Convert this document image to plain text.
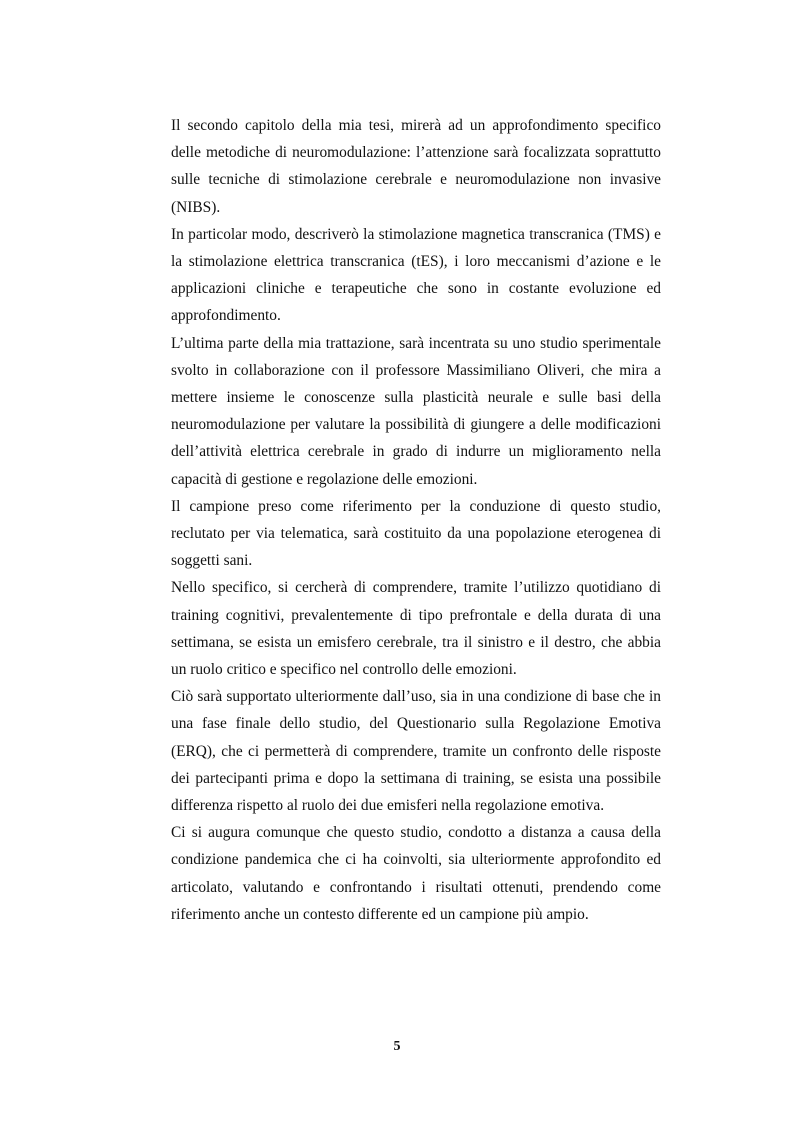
Il secondo capitolo della mia tesi, mirerà ad un approfondimento specifico delle metodiche di neuromodulazione: l’attenzione sarà focalizzata soprattutto sulle tecniche di stimolazione cerebrale e neuromodulazione non invasive (NIBS).

In particolar modo, descriverò la stimolazione magnetica transcranica (TMS) e la stimolazione elettrica transcranica (tES), i loro meccanismi d’azione e le applicazioni cliniche e terapeutiche che sono in costante evoluzione ed approfondimento.

L’ultima parte della mia trattazione, sarà incentrata su uno studio sperimentale svolto in collaborazione con il professore Massimiliano Oliveri, che mira a mettere insieme le conoscenze sulla plasticità neurale e sulle basi della neuromodulazione per valutare la possibilità di giungere a delle modificazioni dell’attività elettrica cerebrale in grado di indurre un miglioramento nella capacità di gestione e regolazione delle emozioni.

Il campione preso come riferimento per la conduzione di questo studio, reclutato per via telematica, sarà costituito da una popolazione eterogenea di soggetti sani.

Nello specifico, si cercherà di comprendere, tramite l’utilizzo quotidiano di training cognitivi, prevalentemente di tipo prefrontale e della durata di una settimana, se esista un emisfero cerebrale, tra il sinistro e il destro, che abbia un ruolo critico e specifico nel controllo delle emozioni.

Ciò sarà supportato ulteriormente dall’uso, sia in una condizione di base che in una fase finale dello studio, del Questionario sulla Regolazione Emotiva (ERQ), che ci permetterà di comprendere, tramite un confronto delle risposte dei partecipanti prima e dopo la settimana di training, se esista una possibile differenza rispetto al ruolo dei due emisferi nella regolazione emotiva.

Ci si augura comunque che questo studio, condotto a distanza a causa della condizione pandemica che ci ha coinvolti, sia ulteriormente approfondito ed articolato, valutando e confrontando i risultati ottenuti, prendendo come riferimento anche un contesto differente ed un campione più ampio.

5
